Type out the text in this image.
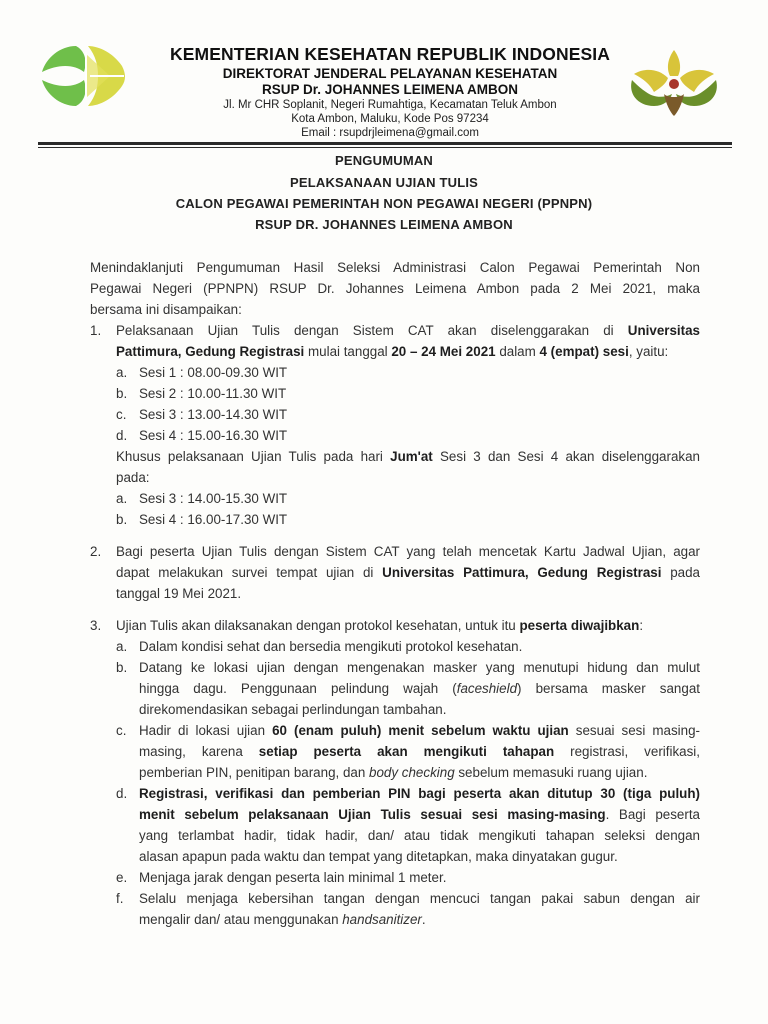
KEMENTERIAN KESEHATAN REPUBLIK INDONESIA
DIREKTORAT JENDERAL PELAYANAN KESEHATAN
RSUP Dr. JOHANNES LEIMENA AMBON
Jl. Mr CHR Soplanit, Negeri Rumahtiga, Kecamatan Teluk Ambon
Kota Ambon, Maluku, Kode Pos 97234
Email : rsupdrjleimena@gmail.com
PENGUMUMAN
PELAKSANAAN UJIAN TULIS
CALON PEGAWAI PEMERINTAH NON PEGAWAI NEGERI (PPNPN)
RSUP DR. JOHANNES LEIMENA AMBON
Menindaklanjuti Pengumuman Hasil Seleksi Administrasi Calon Pegawai Pemerintah Non
Pegawai Negeri (PPNPN) RSUP Dr. Johannes Leimena Ambon pada 2 Mei 2021, maka
bersama ini disampaikan:
1. Pelaksanaan Ujian Tulis dengan Sistem CAT akan diselenggarakan di Universitas
Pattimura, Gedung Registrasi mulai tanggal 20 – 24 Mei 2021 dalam 4 (empat) sesi, yaitu:
a. Sesi 1 : 08.00-09.30 WIT
b. Sesi 2 : 10.00-11.30 WIT
c. Sesi 3 : 13.00-14.30 WIT
d. Sesi 4 : 15.00-16.30 WIT
Khusus pelaksanaan Ujian Tulis pada hari Jum'at Sesi 3 dan Sesi 4 akan diselenggarakan
pada:
a. Sesi 3 : 14.00-15.30 WIT
b. Sesi 4 : 16.00-17.30 WIT
2. Bagi peserta Ujian Tulis dengan Sistem CAT yang telah mencetak Kartu Jadwal Ujian, agar
dapat melakukan survei tempat ujian di Universitas Pattimura, Gedung Registrasi pada
tanggal 19 Mei 2021.
3. Ujian Tulis akan dilaksanakan dengan protokol kesehatan, untuk itu peserta diwajibkan:
a. Dalam kondisi sehat dan bersedia mengikuti protokol kesehatan.
b. Datang ke lokasi ujian dengan mengenakan masker yang menutupi hidung dan mulut
hingga dagu. Penggunaan pelindung wajah (faceshield) bersama masker sangat
direkomendasikan sebagai perlindungan tambahan.
c. Hadir di lokasi ujian 60 (enam puluh) menit sebelum waktu ujian sesuai sesi masing-
masing, karena setiap peserta akan mengikuti tahapan registrasi, verifikasi,
pemberian PIN, penitipan barang, dan body checking sebelum memasuki ruang ujian.
d. Registrasi, verifikasi dan pemberian PIN bagi peserta akan ditutup 30 (tiga puluh)
menit sebelum pelaksanaan Ujian Tulis sesuai sesi masing-masing. Bagi peserta
yang terlambat hadir, tidak hadir, dan/ atau tidak mengikuti tahapan seleksi dengan
alasan apapun pada waktu dan tempat yang ditetapkan, maka dinyatakan gugur.
e. Menjaga jarak dengan peserta lain minimal 1 meter.
f. Selalu menjaga kebersihan tangan dengan mencuci tangan pakai sabun dengan air
mengalir dan/ atau menggunakan handsanitizer.
